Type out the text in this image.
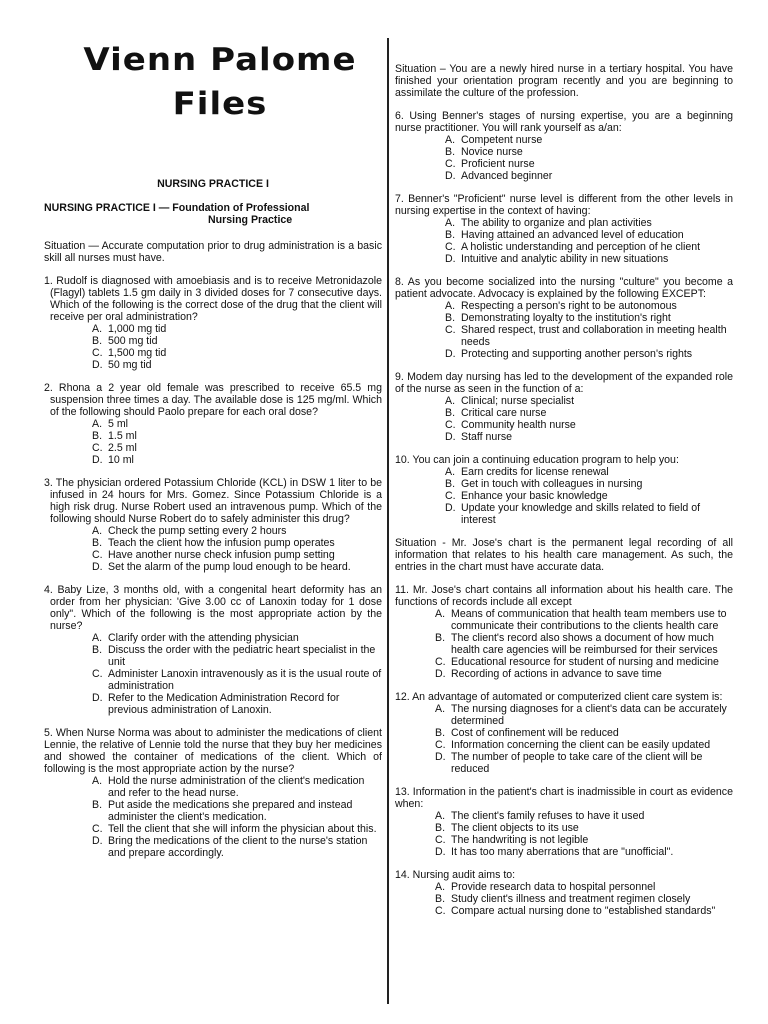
Vienn Palome
Files
NURSING PRACTICE I
NURSING PRACTICE I — Foundation of Professional
Nursing Practice

Situation — Accurate computation prior to drug administration is a basic skill all nurses must have.

1. Rudolf is diagnosed with amoebiasis and is to receive Metronidazole (Flagyl) tablets 1.5 gm daily in 3 divided doses for 7 consecutive days. Which of the following is the correct dose of the drug that the client will receive per oral administration?
A. 1,000 mg tid
B. 500 mg tid
C. 1,500 mg tid
D. 50 mg tid
2. Rhona a 2 year old female was prescribed to receive 65.5 mg suspension three times a day. The available dose is 125 mg/ml. Which of the following should Paolo prepare for each oral dose?
A. 5 ml
B. 1.5 ml
C. 2.5 ml
D. 10 ml
3. The physician ordered Potassium Chloride (KCL) in DSW 1 liter to be infused in 24 hours for Mrs. Gomez. Since Potassium Chloride is a high risk drug. Nurse Robert used an intravenous pump. Which of the following should Nurse Robert do to safely administer this drug?
A. Check the pump setting every 2 hours
B. Teach the client how the infusion pump operates
C. Have another nurse check infusion pump setting
D. Set the alarm of the pump loud enough to be heard.
4. Baby Lize, 3 months old, with a congenital heart deformity has an order from her physician: 'Give 3.00 cc of Lanoxin today for 1 dose only". Which of the following is the most appropriate action by the nurse?
A. Clarify order with the attending physician
B. Discuss the order with the pediatric heart specialist in the unit
C. Administer Lanoxin intravenously as it is the usual route of administration
D. Refer to the Medication Administration Record for previous administration of Lanoxin.
5. When Nurse Norma was about to administer the medications of client Lennie, the relative of Lennie told the nurse that they buy her medicines and showed the container of medications of the client. Which of following is the most appropriate action by the nurse?
A. Hold the nurse administration of the client's medication and refer to the head nurse.
B. Put aside the medications she prepared and instead administer the client's medication.
C. Tell the client that she will inform the physician about this.
D. Bring the medications of the client to the nurse's station and prepare accordingly.

Situation – You are a newly hired nurse in a tertiary hospital. You have finished your orientation program recently and you are beginning to assimilate the culture of the profession.

6. Using Benner's stages of nursing expertise, you are a beginning nurse practitioner. You will rank yourself as a/an:
A. Competent nurse
B. Novice nurse
C. Proficient nurse
D. Advanced beginner
7. Benner's "Proficient" nurse level is different from the other levels in nursing expertise in the context of having:
A. The ability to organize and plan activities
B. Having attained an advanced level of education
C. A holistic understanding and perception of he client
D. Intuitive and analytic ability in new situations
8. As you become socialized into the nursing "culture" you become a patient advocate. Advocacy is explained by the following EXCEPT:
A. Respecting a person's right to be autonomous
B. Demonstrating loyalty to the institution's right
C. Shared respect, trust and collaboration in meeting health needs
D. Protecting and supporting another person's rights
9. Modem day nursing has led to the development of the expanded role of the nurse as seen in the function of a:
A. Clinical; nurse specialist
B. Critical care nurse
C. Community health nurse
D. Staff nurse
10. You can join a continuing education program to help you:
A. Earn credits for license renewal
B. Get in touch with colleagues in nursing
C. Enhance your basic knowledge
D. Update your knowledge and skills related to field of interest

Situation - Mr. Jose's chart is the permanent legal recording of all information that relates to his health care management. As such, the entries in the chart must have accurate data.

11. Mr. Jose's chart contains all information about his health care. The functions of records include all except
A. Means of communication that health team members use to communicate their contributions to the clients health care
B. The client's record also shows a document of how much health care agencies will be reimbursed for their services
C. Educational resource for student of nursing and medicine
D. Recording of actions in advance to save time
12. An advantage of automated or computerized client care system is:
A. The nursing diagnoses for a client's data can be accurately determined
B. Cost of confinement will be reduced
C. Information concerning the client can be easily updated
D. The number of people to take care of the client will be reduced
13. Information in the patient's chart is inadmissible in court as evidence when:
A. The client's family refuses to have it used
B. The client objects to its use
C. The handwriting is not legible
D. It has too many aberrations that are "unofficial".
14. Nursing audit aims to:
A. Provide research data to hospital personnel
B. Study client's illness and treatment regimen closely
C. Compare actual nursing done to "established standards"
